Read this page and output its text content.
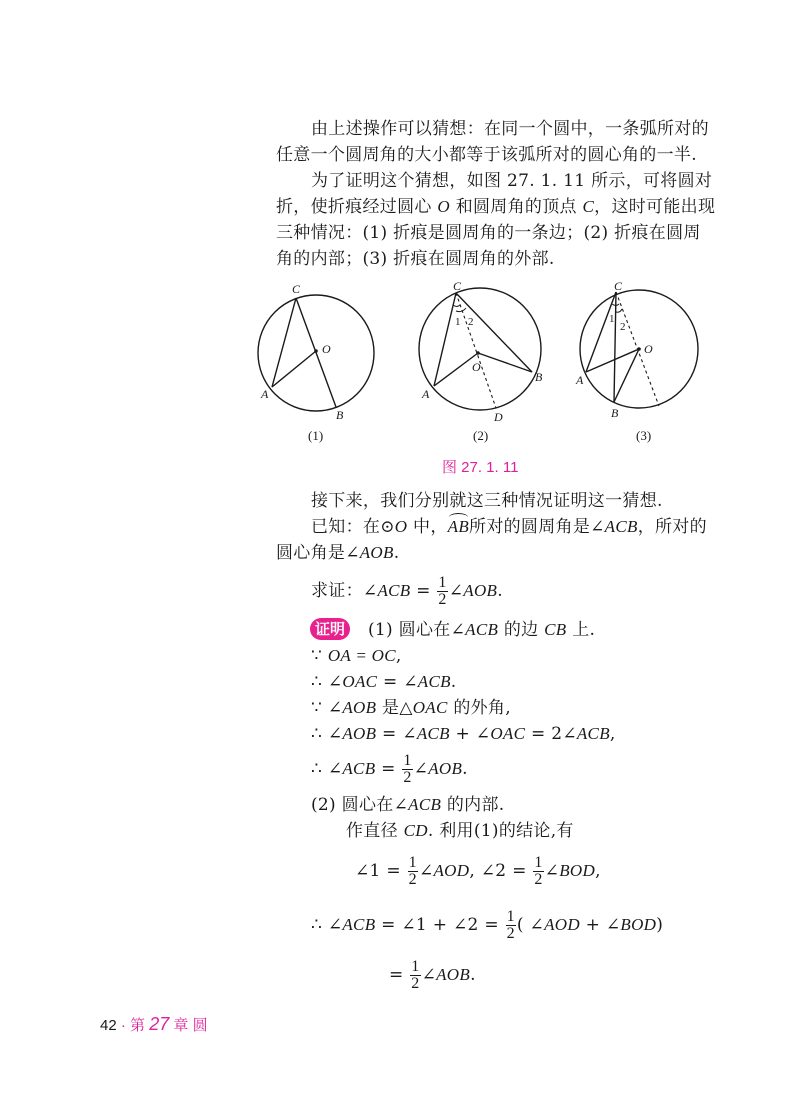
由上述操作可以猜想：在同一个圆中，一条弧所对的
任意一个圆周角的大小都等于该弧所对的圆心角的一半.
为了证明这个猜想，如图 27. 1. 11 所示，可将圆对
折，使折痕经过圆心 O 和圆周角的顶点 C，这时可能出现
三种情况：(1) 折痕是圆周角的一条边；(2) 折痕在圆周
角的内部；(3) 折痕在圆周角的外部.
C
O
A
B
C
1 2
O
A
B
D
C
1
2
O
A
B
(1)	(2)	(3)
图 27. 1. 11
接下来，我们分别就这三种情况证明这一猜想.
已知：在⊙O 中，AB所对的圆周角是∠ACB，所对的
圆心角是∠AOB.
求证：∠ACB = $\frac{1}{2}$ ∠AOB.
证明 (1) 圆心在∠ACB 的边 CB 上.
∵ OA = OC,
∴ ∠OAC = ∠ACB.
∵ ∠AOB 是△OAC 的外角,
∴ ∠AOB = ∠ACB + ∠OAC = 2∠ACB,
∴ ∠ACB = $\frac{1}{2}$ ∠AOB.
(2) 圆心在∠ACB 的内部.
作直径 CD. 利用(1)的结论,有
∠1 = $\frac{1}{2}$ ∠AOD, ∠2 = $\frac{1}{2}$ ∠BOD,
∴ ∠ACB = ∠1 + ∠2 = $\frac{1}{2}$ ( ∠AOD + ∠BOD)
= $\frac{1}{2}$ ∠AOB.
42 · 第 27 章 圆
